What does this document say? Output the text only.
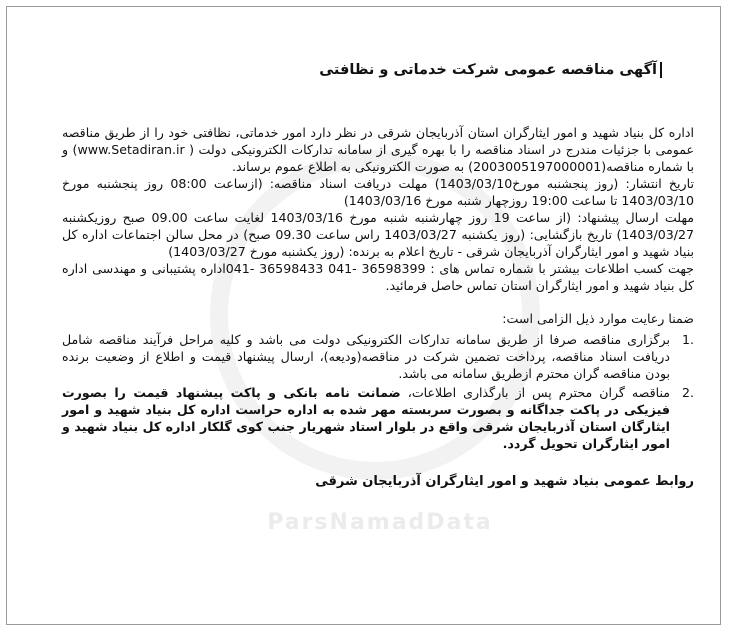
ParsNamadData
آگهی مناقصه عمومی شرکت خدماتی و نظافتی

اداره کل بنیاد شهید و امور ایثارگران استان آذربایجان شرقی در نظر دارد امور خدماتی، نظافتی خود را از طریق مناقصه عمومی با جزئیات مندرج در اسناد مناقصه را با بهره گیری از سامانه تدارکات الکترونیکی دولت ( www.Setadiran.ir) و با شماره مناقصه(2003005197000001) به صورت الکترونیکی به اطلاع عموم برساند.

تاریخ انتشار: (روز پنجشنبه مورخ1403/03/10) مهلت دریافت اسناد مناقصه: (ازساعت 08:00 روز پنجشنبه مورخ 1403/03/10 تا ساعت 19:00 روزچهار شنبه مورخ 1403/03/16)

مهلت ارسال پیشنهاد: (از ساعت 19 روز چهارشنبه شنبه مورخ 1403/03/16 لغایت ساعت 09.00 صبح روزیکشنبه 1403/03/27) تاریخ بازگشایی: (روز یکشنبه 1403/03/27 راس ساعت 09.30 صبح) در محل سالن اجتماعات اداره کل بنیاد شهید و امور ایثارگران آذربایجان شرقی - تاریخ اعلام به برنده: (روز یکشنبه مورخ 1403/03/27)

جهت کسب اطلاعات بیشتر با شماره تماس های : 36598399 -041 36598433 -041اداره پشتیبانی و مهندسی اداره کل بنیاد شهید و امور ایثارگران استان تماس حاصل فرمائید.

ضمنا رعایت موارد ذیل الزامی است:

1.
برگزاری مناقصه صرفا از طریق سامانه تدارکات الکترونیکی دولت می باشد و کلیه مراحل فرآیند مناقصه شامل دریافت اسناد مناقصه، پرداخت تضمین شرکت در مناقصه(ودیعه)، ارسال پیشنهاد قیمت و اطلاع از وضعیت برنده بودن مناقصه گران محترم ازطریق سامانه می باشد.
2.
مناقصه گران محترم پس از بارگذاری اطلاعات، ضمانت نامه بانکی و پاکت پیشنهاد قیمت را بصورت فیزیکی در پاکت جداگانه و بصورت سربسته مهر شده به اداره حراست اداره کل بنیاد شهید و امور ایثارگان استان آذربایجان شرقی واقع در بلوار استاد شهریار جنب کوی گلکار اداره کل بنیاد شهید و امور ایثارگران تحویل گردد.

روابط عمومی بنیاد شهید و امور ایثارگران آذربایجان شرقی
